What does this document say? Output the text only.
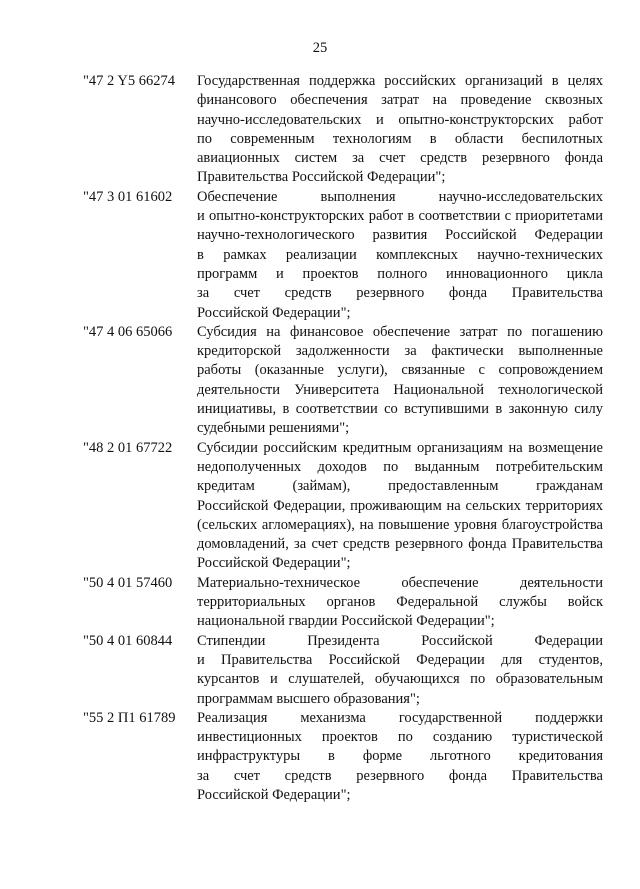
25
"47 2 Y5 66274	Государственная поддержка российских организаций в целях
финансового обеспечения затрат на проведение сквозных
научно-исследовательских и опытно-конструкторских работ
по современным технологиям в области беспилотных
авиационных систем за счет средств резервного фонда
Правительства Российской Федерации";
"47 3 01 61602	Обеспечение выполнения научно-исследовательских
и опытно-конструкторских работ в соответствии с приоритетами
научно-технологического развития Российской Федерации
в рамках реализации комплексных научно-технических
программ и проектов полного инновационного цикла
за счет средств резервного фонда Правительства
Российской Федерации";
"47 4 06 65066	Субсидия на финансовое обеспечение затрат по погашению
кредиторской задолженности за фактически выполненные
работы (оказанные услуги), связанные с сопровождением
деятельности Университета Национальной технологической
инициативы, в соответствии со вступившими в законную силу
судебными решениями";
"48 2 01 67722	Субсидии российским кредитным организациям на возмещение
недополученных доходов по выданным потребительским
кредитам (займам), предоставленным гражданам
Российской Федерации, проживающим на сельских территориях
(сельских агломерациях), на повышение уровня благоустройства
домовладений, за счет средств резервного фонда Правительства
Российской Федерации";
"50 4 01 57460	Материально-техническое обеспечение деятельности
территориальных органов Федеральной службы войск
национальной гвардии Российской Федерации";
"50 4 01 60844	Стипендии Президента Российской Федерации
и Правительства Российской Федерации для студентов,
курсантов и слушателей, обучающихся по образовательным
программам высшего образования";
"55 2 П1 61789	Реализация механизма государственной поддержки
инвестиционных проектов по созданию туристической
инфраструктуры в форме льготного кредитования
за счет средств резервного фонда Правительства
Российской Федерации";
